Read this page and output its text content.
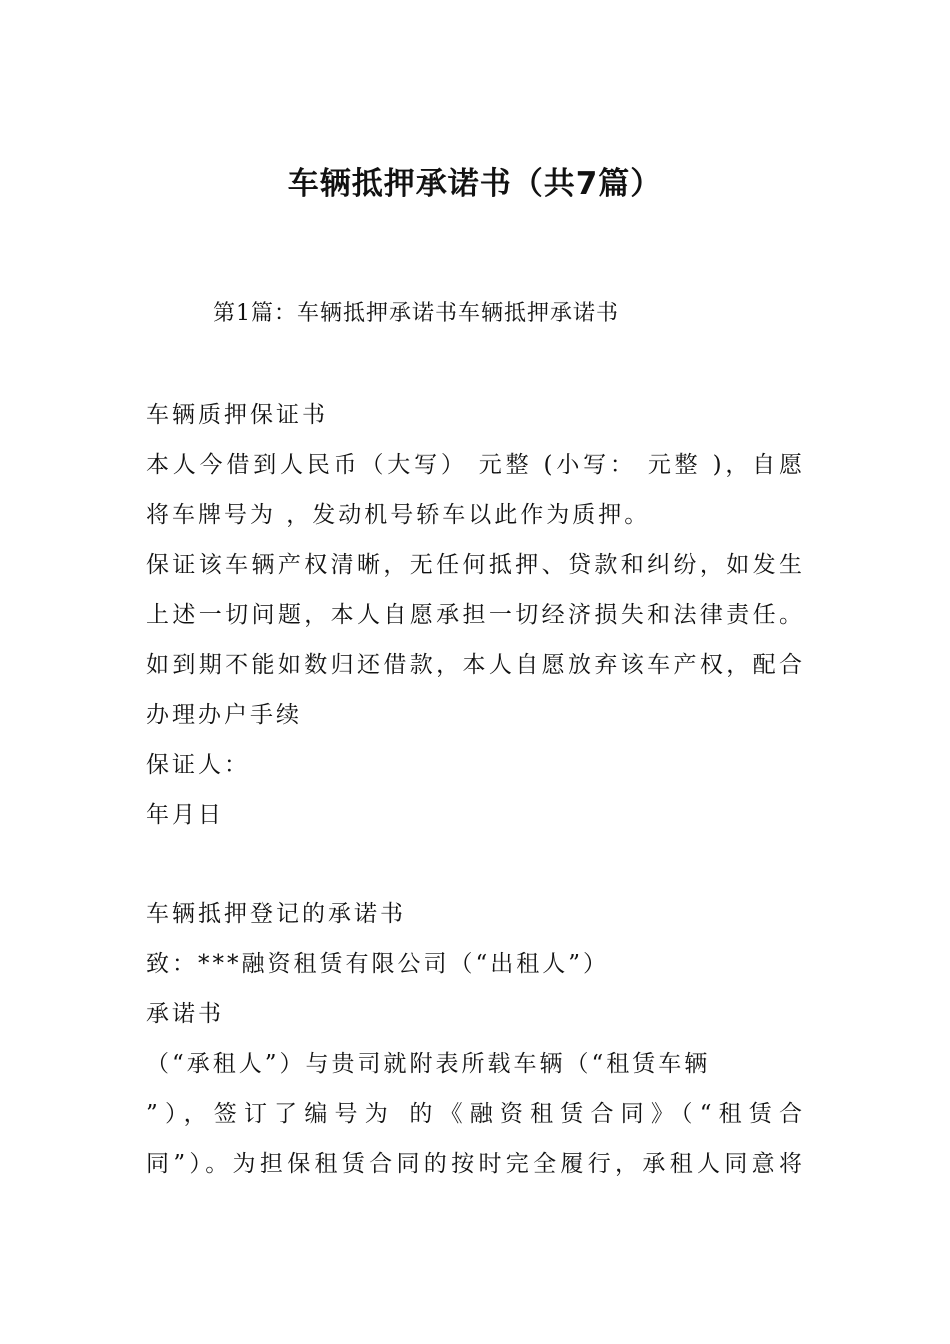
车辆抵押承诺书（共7篇）
第1篇：车辆抵押承诺书车辆抵押承诺书
车辆质押保证书
本人今借到人民币（大写） 元整 (小写： 元整 )，自愿
将车牌号为 ，发动机号轿车以此作为质押。
保证该车辆产权清晰，无任何抵押、贷款和纠纷，如发生
上述一切问题，本人自愿承担一切经济损失和法律责任。
如到期不能如数归还借款，本人自愿放弃该车产权，配合
办理办户手续
保证人：
年月日
车辆抵押登记的承诺书
致：***融资租赁有限公司（“出租人”）
承诺书
（“承租人”）与贵司就附表所载车辆（“租赁车辆
”），签订了编号为 的《融资租赁合同》（“租赁合
同”）。为担保租赁合同的按时完全履行，承租人同意将
